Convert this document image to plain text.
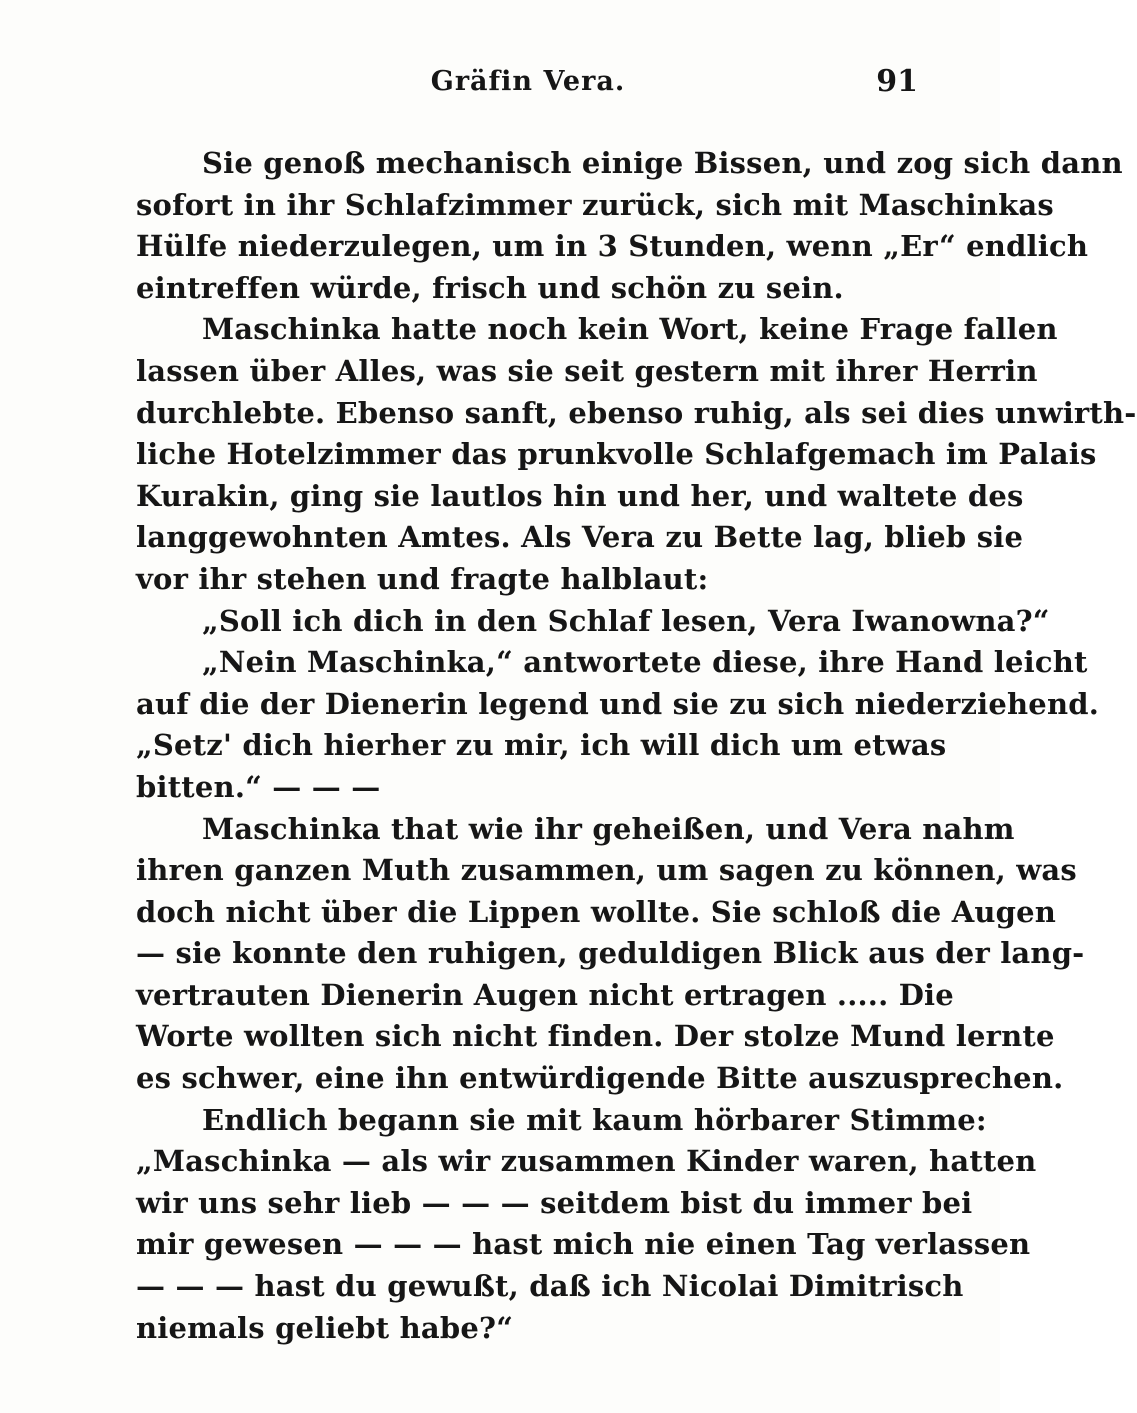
Gräfin Vera.	91
Sie genoß mechanisch einige Bissen, und zog sich dann
sofort in ihr Schlafzimmer zurück, sich mit Maschinkas
Hülfe niederzulegen, um in 3 Stunden, wenn „Er“ endlich
eintreffen würde, frisch und schön zu sein.
Maschinka hatte noch kein Wort, keine Frage fallen
lassen über Alles, was sie seit gestern mit ihrer Herrin
durchlebte. Ebenso sanft, ebenso ruhig, als sei dies unwirth-
liche Hotelzimmer das prunkvolle Schlafgemach im Palais
Kurakin, ging sie lautlos hin und her, und waltete des
langgewohnten Amtes. Als Vera zu Bette lag, blieb sie
vor ihr stehen und fragte halblaut:
„Soll ich dich in den Schlaf lesen, Vera Iwanowna?“
„Nein Maschinka,“ antwortete diese, ihre Hand leicht
auf die der Dienerin legend und sie zu sich niederziehend.
„Setz' dich hierher zu mir, ich will dich um etwas
bitten.“ — — —
Maschinka that wie ihr geheißen, und Vera nahm
ihren ganzen Muth zusammen, um sagen zu können, was
doch nicht über die Lippen wollte. Sie schloß die Augen
— sie konnte den ruhigen, geduldigen Blick aus der lang-
vertrauten Dienerin Augen nicht ertragen ..... Die
Worte wollten sich nicht finden. Der stolze Mund lernte
es schwer, eine ihn entwürdigende Bitte auszusprechen.
Endlich begann sie mit kaum hörbarer Stimme:
„Maschinka — als wir zusammen Kinder waren, hatten
wir uns sehr lieb — — — seitdem bist du immer bei
mir gewesen — — — hast mich nie einen Tag verlassen
— — — hast du gewußt, daß ich Nicolai Dimitrisch
niemals geliebt habe?“
